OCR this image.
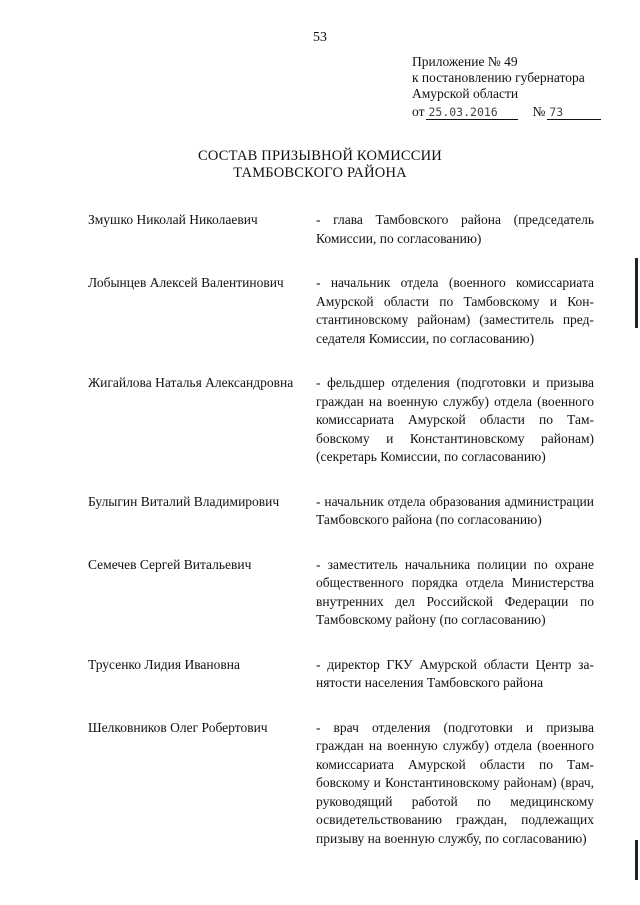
53
Приложение № 49
к постановлению губернатора
Амурской области
от 25.03.2016	№ 73
СОСТАВ ПРИЗЫВНОЙ КОМИССИИ
ТАМБОВСКОГО РАЙОНА
Змушко Николай Николаевич	- глава Тамбовского района (председатель Комиссии, по согласованию)
Лобынцев Алексей Валентинович	- начальник отдела (военного комиссариата Амурской области по Тамбовскому и Константиновскому районам) (заместитель председателя Комиссии, по согласованию)
Жигайлова Наталья Александровна	- фельдшер отделения (подготовки и призыва граждан на военную службу) отдела (военного комиссариата Амурской области по Тамбовскому и Константиновскому районам) (секретарь Комиссии, по согласованию)
Булыгин Виталий Владимирович	- начальник отдела образования администрации Тамбовского района (по согласованию)
Семечев Сергей Витальевич	- заместитель начальника полиции по охране общественного порядка отдела Министерства внутренних дел Российской Федерации по Тамбовскому району (по согласованию)
Трусенко Лидия Ивановна	- директор ГКУ Амурской области Центр занятости населения Тамбовского района
Шелковников Олег Робертович	- врач отделения (подготовки и призыва граждан на военную службу) отдела (военного комиссариата Амурской области по Тамбовскому и Константиновскому районам) (врач, руководящий работой по медицинскому освидетельствованию граждан, подлежащих призыву на военную службу, по согласованию)
